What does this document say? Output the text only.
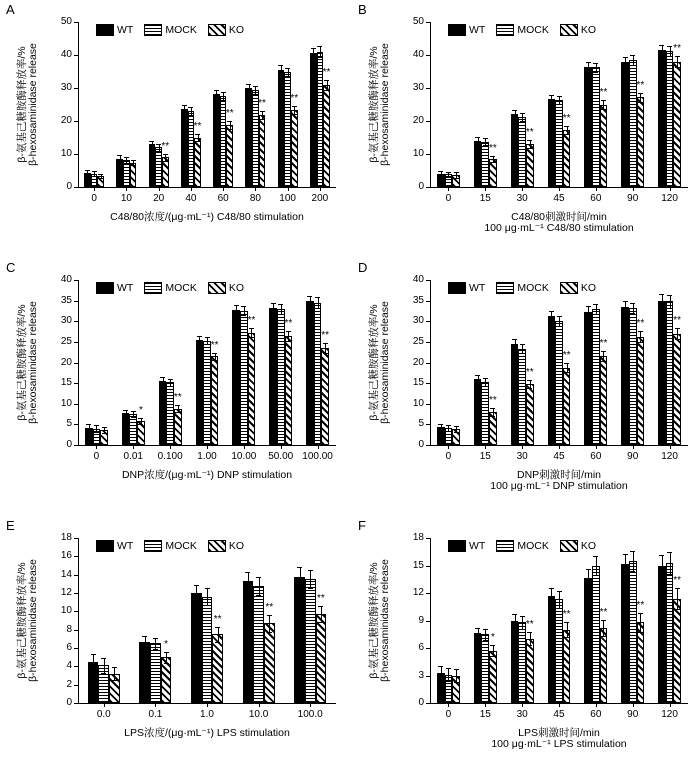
A
β-氨基己糖胺酶释放率/% β-hexosaminidase release
0
10
20
30
40
50
0	10
**
20
**
40
**
60
**
80
**
100
**
200
C48/80浓度/(μg·mL⁻¹) C48/80 stimulation
WT	MOCK	KO
B
β-氨基己糖胺酶释放率/% β-hexosaminidase release
0
10
20
30
40
50
0
**
15
**
30
**
45
**
60
**
90
**
120
C48/80刺激时间/min
100 μg·mL⁻¹ C48/80 stimulation
WT	MOCK	KO
C
β-氨基己糖胺酶释放率/% β-hexosaminidase release
0
5
10
15
20
25
30
35
40
0
*
0.01
**
0.100
**
1.00
**
10.00
**
50.00
**
100.00
DNP浓度/(μg·mL⁻¹) DNP stimulation
WT	MOCK	KO
D
β-氨基己糖胺酶释放率/% β-hexosaminidase release
0
5
10
15
20
25
30
35
40
0
**
15
**
30
**
45
**
60
**
90
**
120
DNP刺激时间/min
100 μg·mL⁻¹ DNP stimulation
WT	MOCK	KO
E
β-氨基己糖胺酶释放率/% β-hexosaminidase release
0
2
4
6
8
10
12
14
16
18
0.0
*
0.1
**
1.0
**
10.0
**
100.0
LPS浓度/(μg·mL⁻¹) LPS stimulation
WT	MOCK	KO
F
β-氨基己糖胺酶释放率/% β-hexosaminidase release
0
3
6
9
12
15
18
0
*
15
**
30
**
45
**
60
**
90
**
120
LPS刺激时间/min
100 μg·mL⁻¹ LPS stimulation
WT	MOCK	KO
